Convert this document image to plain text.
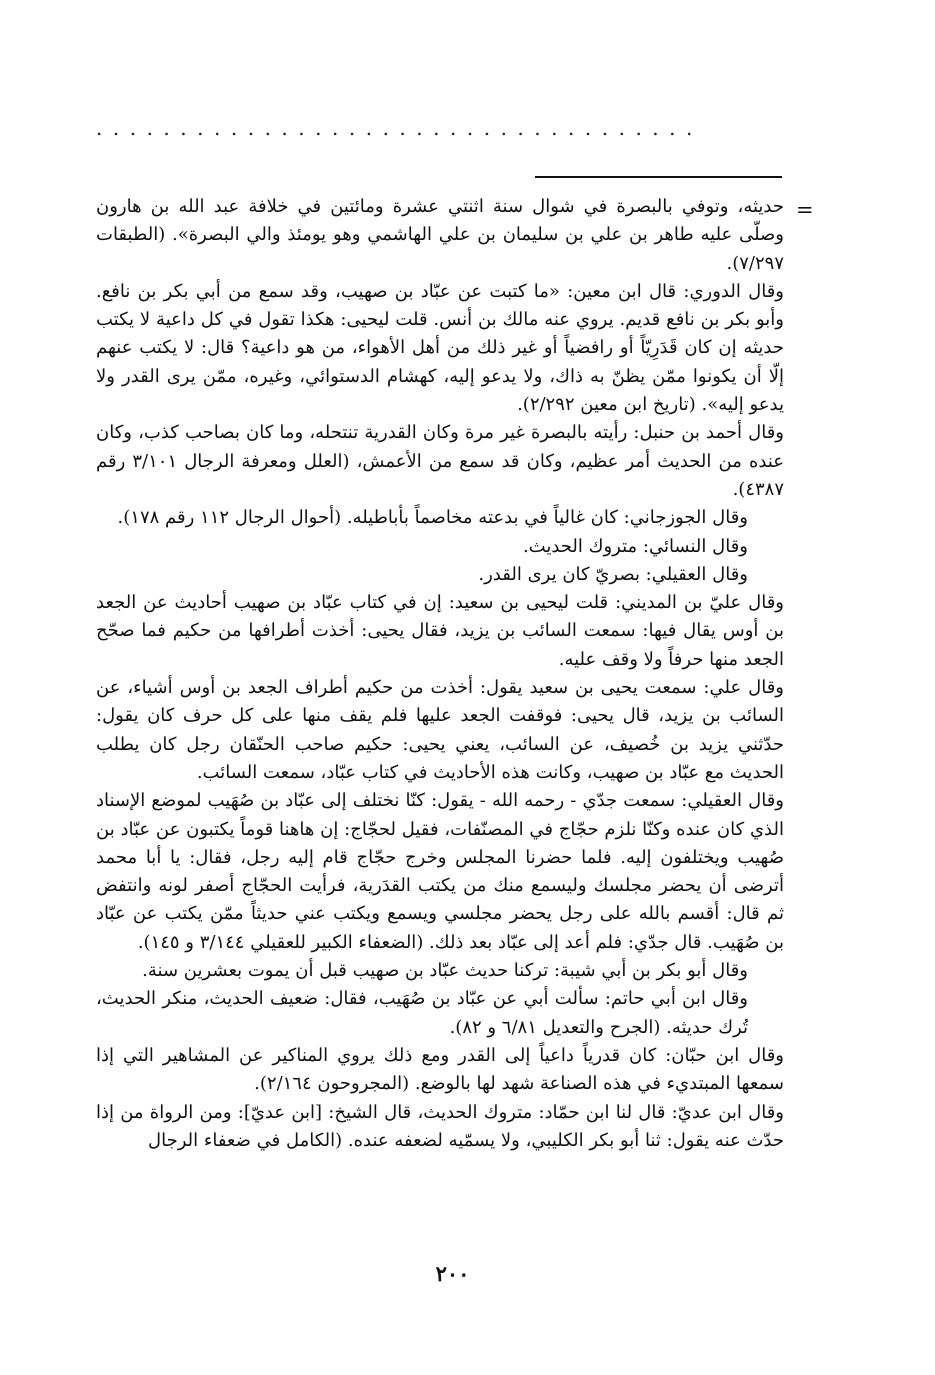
....................................
=

حديثه، وتوفي بالبصرة في شوال سنة اثنتي عشرة ومائتين في خلافة عبد الله بن هارون وصلّى عليه طاهر بن علي بن سليمان بن علي الهاشمي وهو يومئذ والي البصرة». (الطبقات ٧/٢٩٧).

وقال الدوري: قال ابن معين: «ما كتبت عن عبّاد بن صهيب، وقد سمع من أبي بكر بن نافع. وأبو بكر بن نافع قديم. يروي عنه مالك بن أنس. قلت ليحيى: هكذا تقول في كل داعية لا يكتب حديثه إن كان قَدَرِيّاً أو رافضياً أو غير ذلك من أهل الأهواء، من هو داعية؟ قال: لا يكتب عنهم إلّا أن يكونوا ممّن يظنّ به ذاك، ولا يدعو إليه، كهشام الدستوائي، وغيره، ممّن يرى القدر ولا يدعو إليه». (تاريخ ابن معين ٢/٢٩٢).

وقال أحمد بن حنبل: رأيته بالبصرة غير مرة وكان القدرية تنتحله، وما كان بصاحب كذب، وكان عنده من الحديث أمر عظيم، وكان قد سمع من الأعمش، (العلل ومعرفة الرجال ٣/١٠١ رقم ٤٣٨٧).

وقال الجوزجاني: كان غالياً في بدعته مخاصماً بأباطيله. (أحوال الرجال ١١٢ رقم ١٧٨).

وقال النسائي: متروك الحديث.

وقال العقيلي: بصريّ كان يرى القدر.

وقال عليّ بن المديني: قلت ليحيى بن سعيد: إن في كتاب عبّاد بن صهيب أحاديث عن الجعد بن أوس يقال فيها: سمعت السائب بن يزيد، فقال يحيى: أخذت أطرافها من حكيم فما صحّح الجعد منها حرفاً ولا وقف عليه.

وقال علي: سمعت يحيى بن سعيد يقول: أخذت من حكيم أطراف الجعد بن أوس أشياء، عن السائب بن يزيد، قال يحيى: فوقفت الجعد عليها فلم يقف منها على كل حرف كان يقول: حدّثني يزيد بن خُصيف، عن السائب، يعني يحيى: حكيم صاحب الحنّقان رجل كان يطلب الحديث مع عبّاد بن صهيب، وكانت هذه الأحاديث في كتاب عبّاد، سمعت السائب.

وقال العقيلي: سمعت جدّي - رحمه الله - يقول: كنّا نختلف إلى عبّاد بن صُهَيب لموضع الإسناد الذي كان عنده وكنّا نلزم حجّاج في المصنّفات، فقيل لحجّاج: إن هاهنا قوماً يكتبون عن عبّاد بن صُهيب ويختلفون إليه. فلما حضرنا المجلس وخرج حجّاج قام إليه رجل، فقال: يا أبا محمد أترضى أن يحضر مجلسك وليسمع منك من يكتب القدَرية، فرأيت الحجّاج أصفر لونه وانتفض ثم قال: أقسم بالله على رجل يحضر مجلسي ويسمع ويكتب عني حديثاً ممّن يكتب عن عبّاد بن صُهَيب. قال جدّي: فلم أعد إلى عبّاد بعد ذلك. (الضعفاء الكبير للعقيلي ٣/١٤٤ و ١٤٥).

وقال أبو بكر بن أبي شيبة: تركنا حديث عبّاد بن صهيب قبل أن يموت بعشرين سنة.

وقال ابن أبي حاتم: سألت أبي عن عبّاد بن صُهَيب، فقال: ضعيف الحديث، منكر الحديث، تُرك حديثه. (الجرح والتعديل ٦/٨١ و ٨٢).

وقال ابن حبّان: كان قدرياً داعياً إلى القدر ومع ذلك يروي المناكير عن المشاهير التي إذا سمعها المبتديء في هذه الصناعة شهد لها بالوضع. (المجروحون ٢/١٦٤).

وقال ابن عديّ: قال لنا ابن حمّاد: متروك الحديث، قال الشيخ: [ابن عديّ]: ومن الرواة من إذا حدّث عنه يقول: ثنا أبو بكر الكليبي، ولا يسمّيه لضعفه عنده. (الكامل في ضعفاء الرجال

٢٠٠
